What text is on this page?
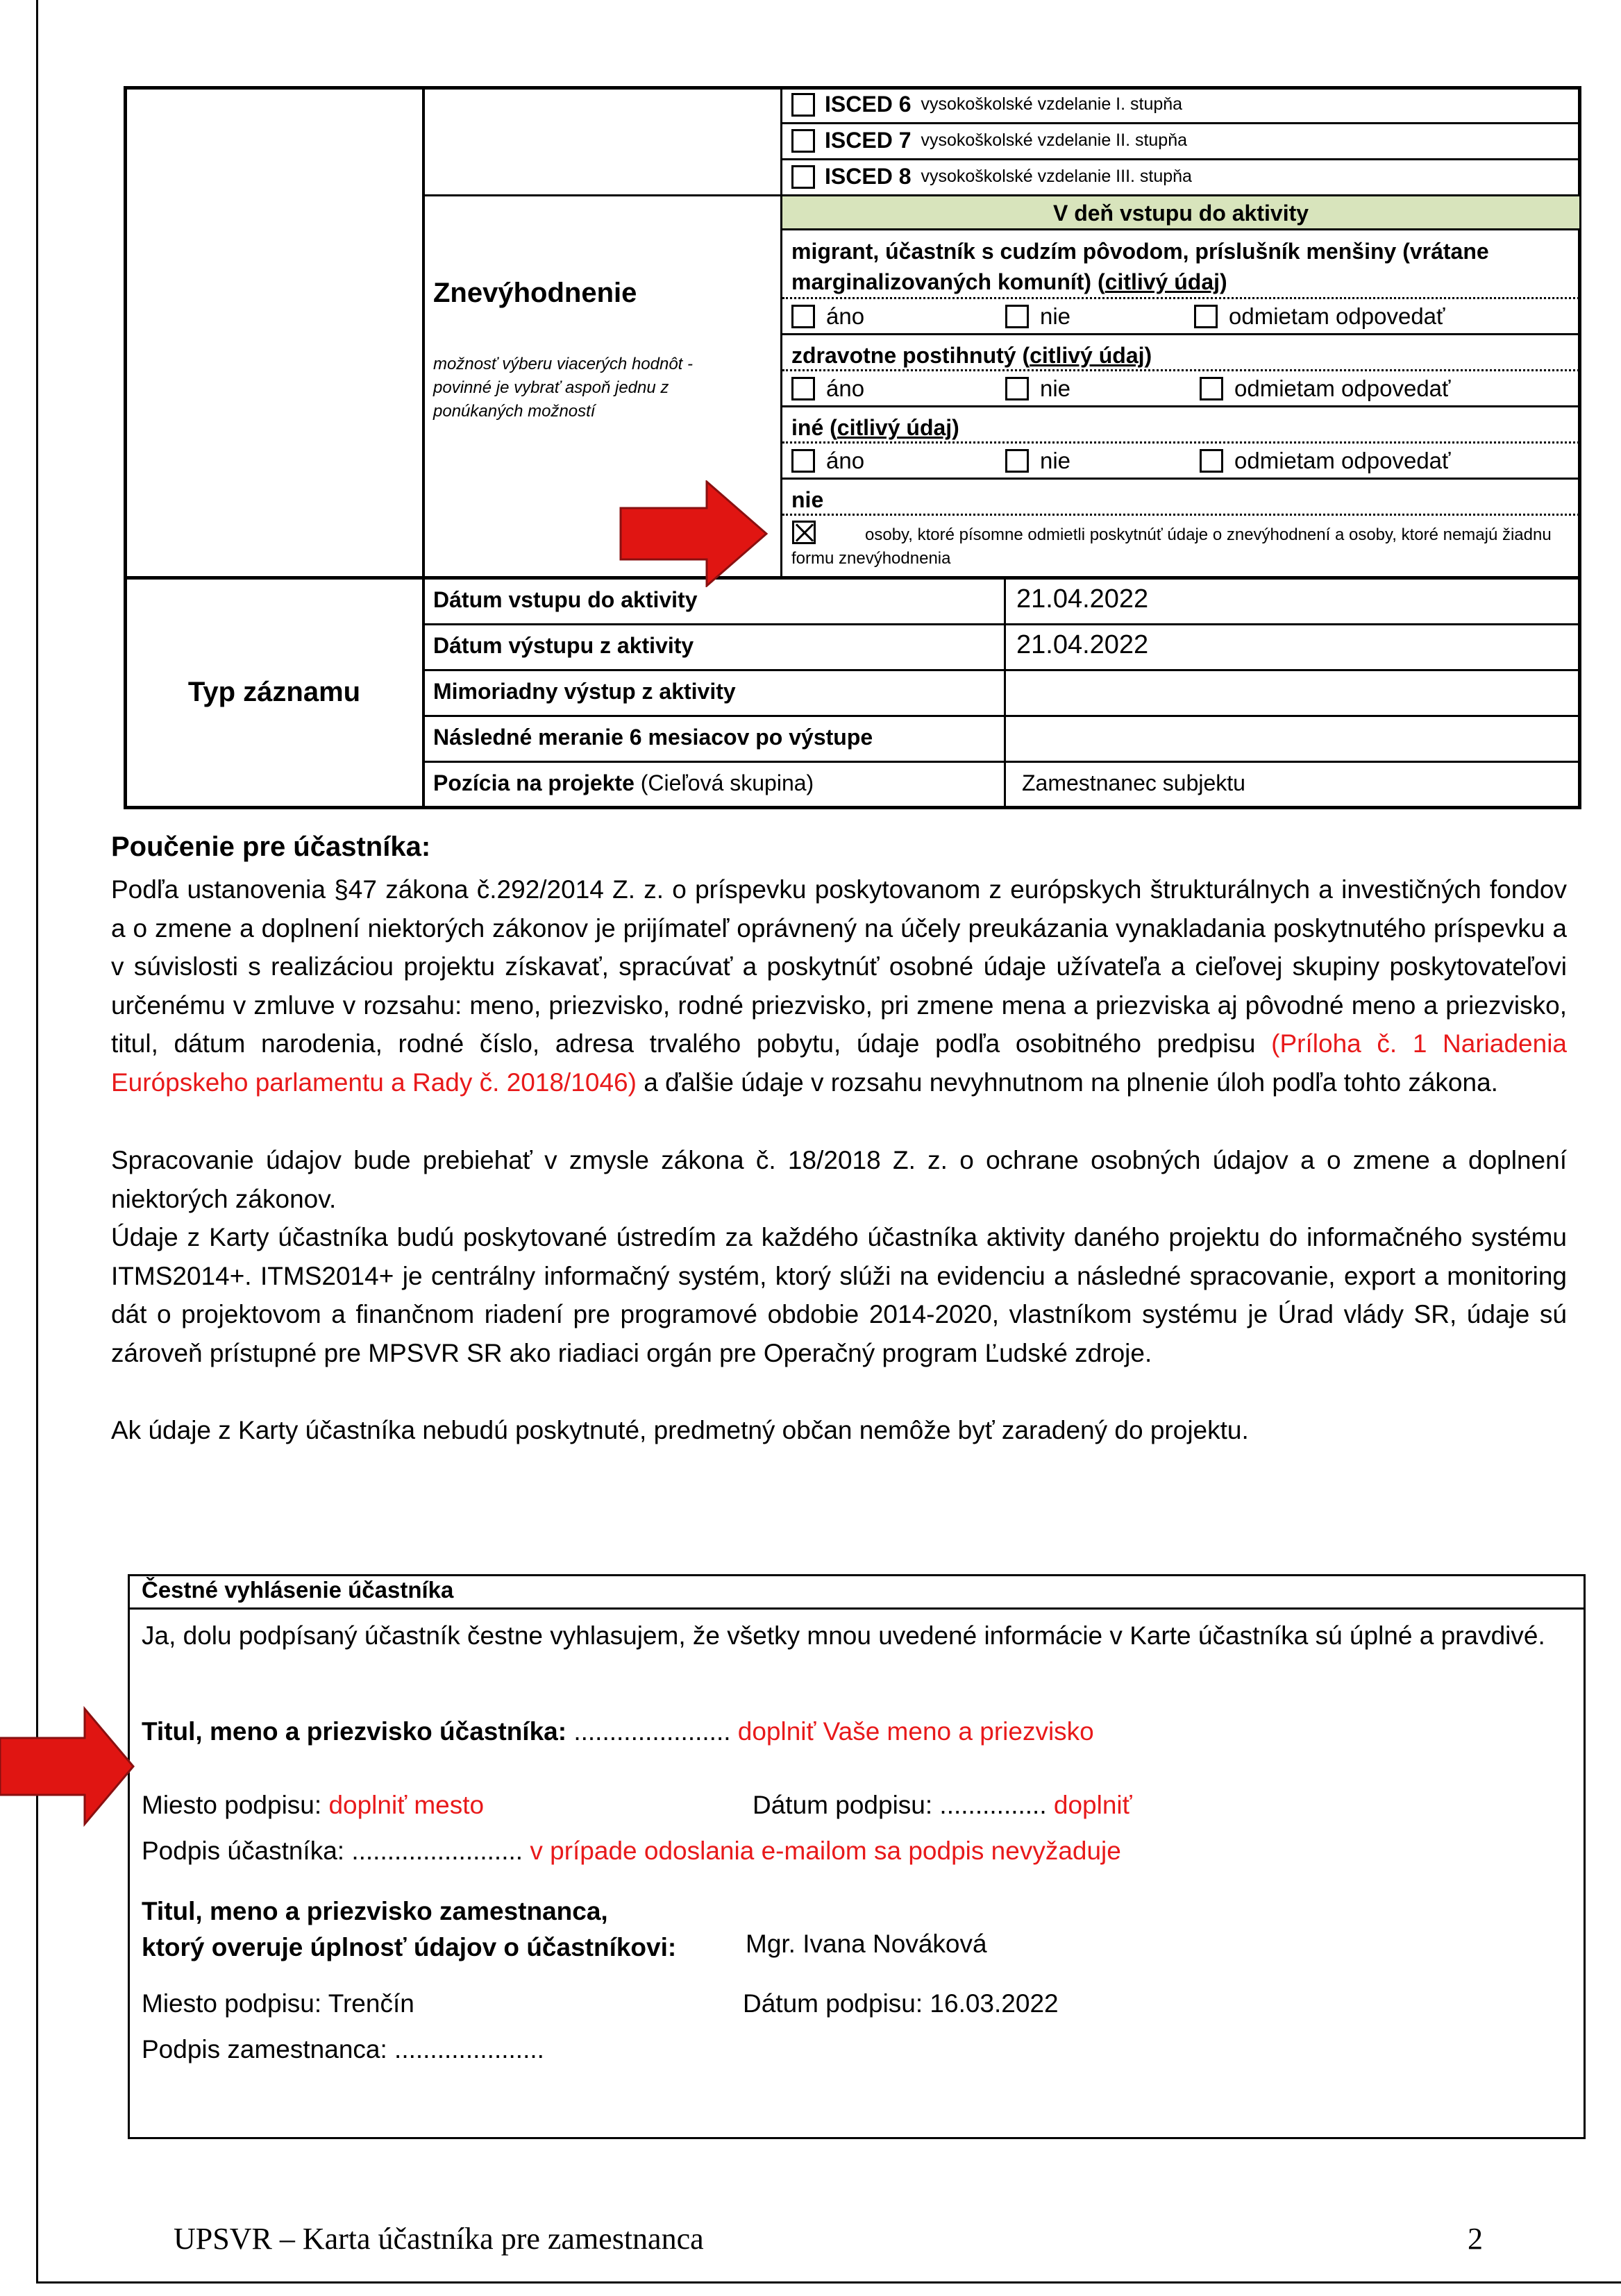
V deň vstupu do aktivity
ISCED 6 vysokoškolské vzdelanie I. stupňa
ISCED 7 vysokoškolské vzdelanie II. stupňa
ISCED 8 vysokoškolské vzdelanie III. stupňa
Znevýhodnenie
možnosť výberu viacerých hodnôt - povinné je vybrať aspoň jednu z ponúkaných možností
migrant, účastník s cudzím pôvodom, príslušník menšiny (vrátane marginalizovaných komunít) (citlivý údaj)
áno	nie	odmietam odpovedať
zdravotne postihnutý (citlivý údaj)
áno	nie	odmietam odpovedať
iné (citlivý údaj)
áno	nie	odmietam odpovedať
nie
osoby, ktoré písomne odmietli poskytnúť údaje o znevýhodnení a osoby, ktoré nemajú žiadnu formu znevýhodnenia
Typ záznamu
Dátum vstupu do aktivity	21.04.2022
Dátum výstupu z aktivity	21.04.2022
Mimoriadny výstup z aktivity
Následné meranie 6 mesiacov po výstupe
Pozícia na projekte (Cieľová skupina)	Zamestnanec subjektu
Poučenie pre účastníka:
Podľa ustanovenia §47 zákona č.292/2014 Z. z. o príspevku poskytovanom z európskych štrukturálnych a investičných fondov a o zmene a doplnení niektorých zákonov je prijímateľ oprávnený na účely preukázania vynakladania poskytnutého príspevku a v súvislosti s realizáciou projektu získavať, spracúvať a poskytnúť osobné údaje užívateľa a cieľovej skupiny poskytovateľovi určenému v zmluve v rozsahu: meno, priezvisko, rodné priezvisko, pri zmene mena a priezviska aj pôvodné meno a priezvisko, titul, dátum narodenia, rodné číslo, adresa trvalého pobytu, údaje podľa osobitného predpisu (Príloha č. 1 Nariadenia Európskeho parlamentu a Rady č. 2018/1046) a ďalšie údaje v rozsahu nevyhnutnom na plnenie úloh podľa tohto zákona.
Spracovanie údajov bude prebiehať v zmysle zákona č. 18/2018 Z. z. o ochrane osobných údajov a o zmene a doplnení niektorých zákonov.
Údaje z Karty účastníka budú poskytované ústredím za každého účastníka aktivity daného projektu do informačného systému ITMS2014+. ITMS2014+ je centrálny informačný systém, ktorý slúži na evidenciu a následné spracovanie, export a monitoring dát o projektovom a finančnom riadení pre programové obdobie 2014-2020, vlastníkom systému je Úrad vlády SR, údaje sú zároveň prístupné pre MPSVR SR ako riadiaci orgán pre Operačný program Ľudské zdroje.
Ak údaje z Karty účastníka nebudú poskytnuté, predmetný občan nemôže byť zaradený do projektu.
Čestné vyhlásenie účastníka
Ja, dolu podpísaný účastník čestne vyhlasujem, že všetky mnou uvedené informácie v Karte účastníka sú úplné a pravdivé.
Titul, meno a priezvisko účastníka: ...................... doplniť Vaše meno a priezvisko
Miesto podpisu: doplniť mesto	Dátum podpisu: ............... doplniť
Podpis účastníka: ........................ v prípade odoslania e-mailom sa podpis nevyžaduje
Titul, meno a priezvisko zamestnanca,
ktorý overuje úplnosť údajov o účastníkovi:	Mgr. Ivana Nováková
Miesto podpisu: Trenčín	Dátum podpisu: 16.03.2022
Podpis zamestnanca: .....................
UPSVR – Karta účastníka pre zamestnanca	2
